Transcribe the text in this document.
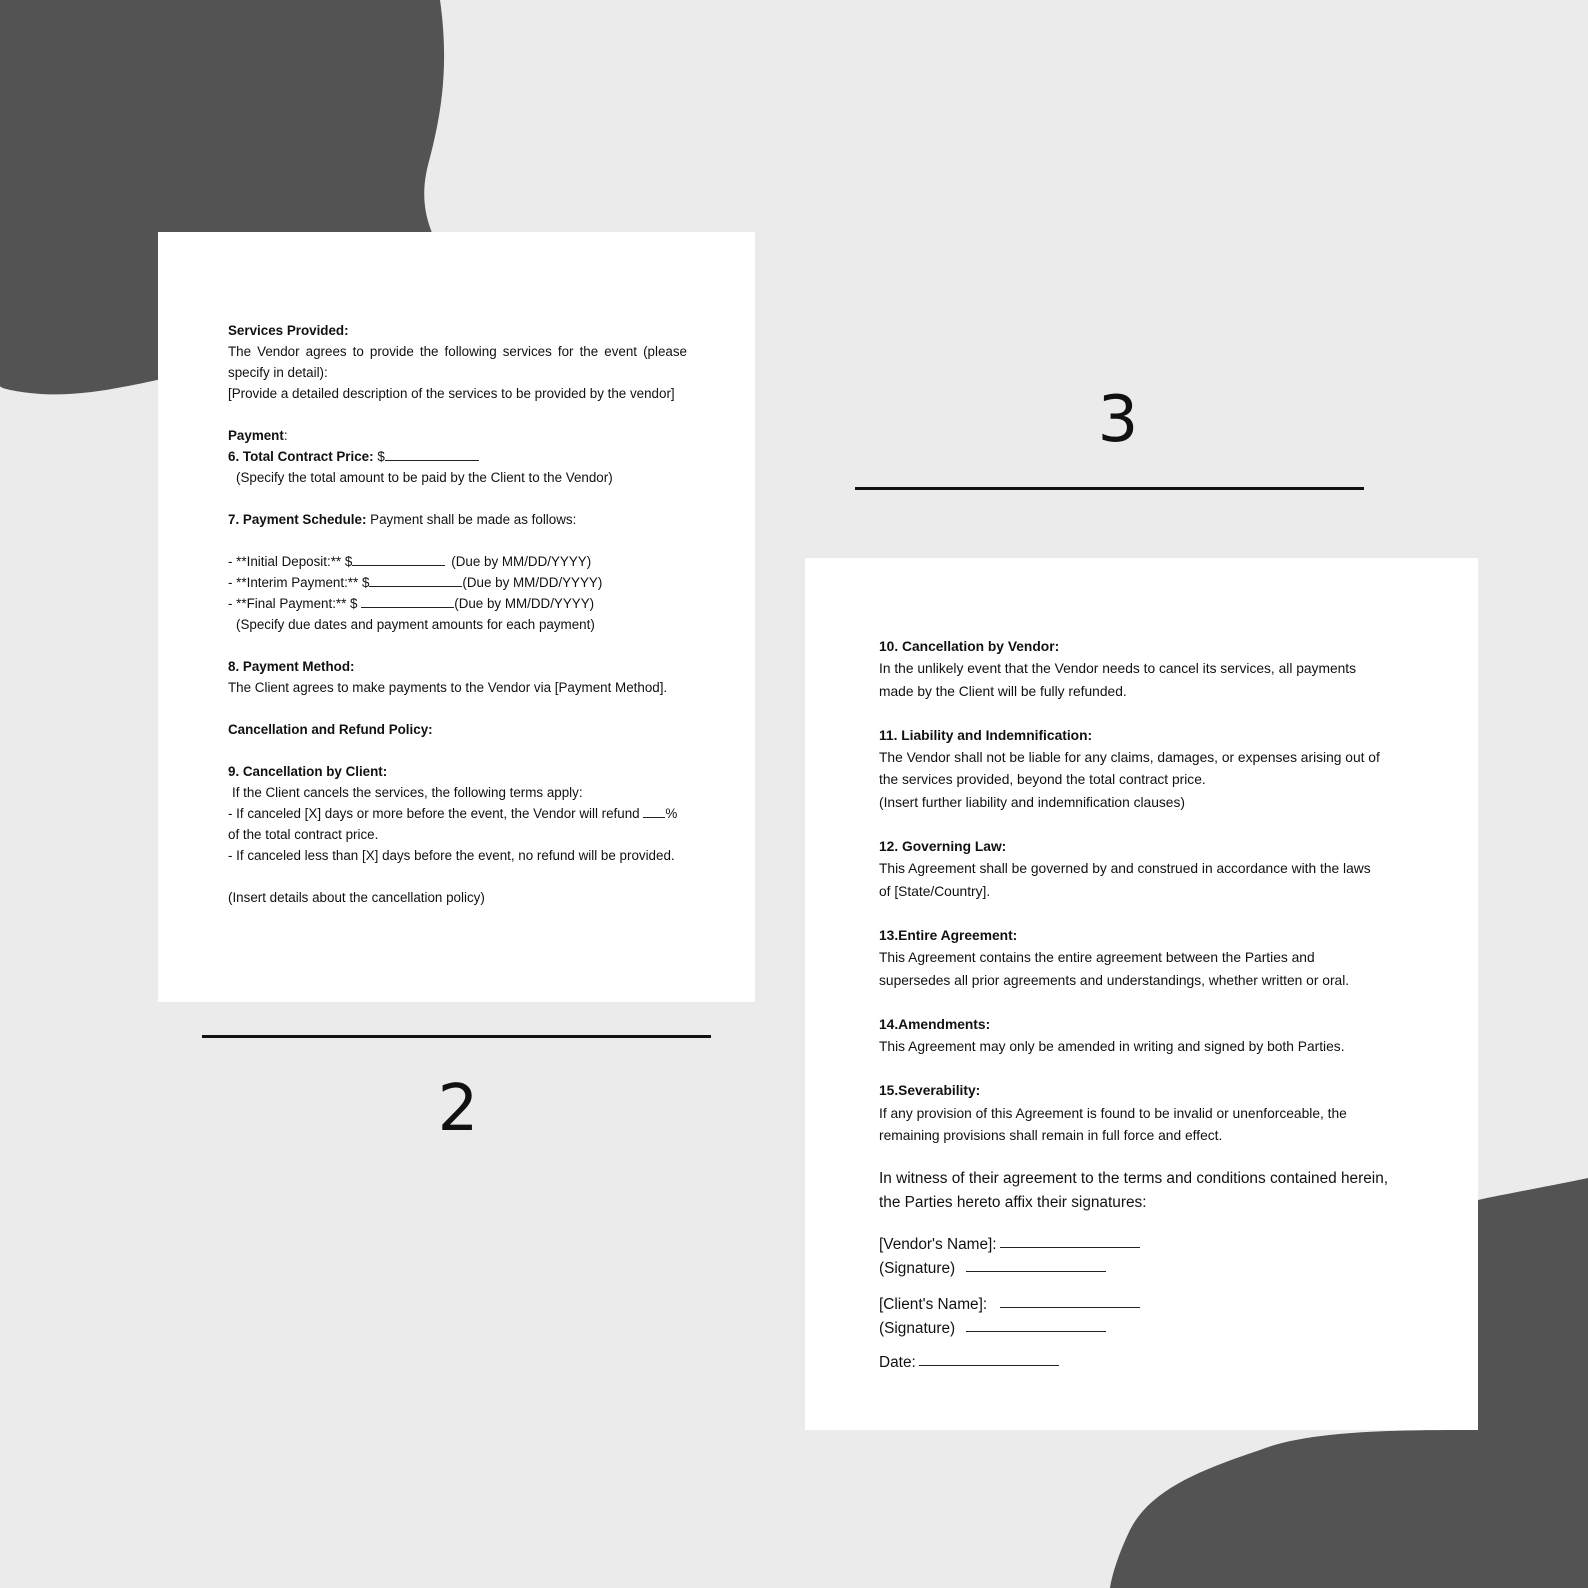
Services Provided:

The Vendor agrees to provide the following services for the event (please

specify in detail):

[Provide a detailed description of the services to be provided by the vendor]

Payment:

6. Total Contract Price: $

(Specify the total amount to be paid by the Client to the Vendor)

7. Payment Schedule: Payment shall be made as follows:

- **Initial Deposit:** $	(Due by MM/DD/YYYY)

- **Interim Payment:** $	(Due by MM/DD/YYYY)

- **Final Payment:** $	(Due by MM/DD/YYYY)

(Specify due dates and payment amounts for each payment)

8. Payment Method:

The Client agrees to make payments to the Vendor via [Payment Method].

Cancellation and Refund Policy:

9. Cancellation by Client:

If the Client cancels the services, the following terms apply:

- If canceled [X] days or more before the event, the Vendor will refund %

of the total contract price.

- If canceled less than [X] days before the event, no refund will be provided.

(Insert details about the cancellation policy)

2
3

10. Cancellation by Vendor:

In the unlikely event that the Vendor needs to cancel its services, all payments

made by the Client will be fully refunded.

11. Liability and Indemnification:

The Vendor shall not be liable for any claims, damages, or expenses arising out of

the services provided, beyond the total contract price.

(Insert further liability and indemnification clauses)

12. Governing Law:

This Agreement shall be governed by and construed in accordance with the laws

of [State/Country].

13.Entire Agreement:

This Agreement contains the entire agreement between the Parties and

supersedes all prior agreements and understandings, whether written or oral.

14.Amendments:

This Agreement may only be amended in writing and signed by both Parties.

15.Severability:

If any provision of this Agreement is found to be invalid or unenforceable, the

remaining provisions shall remain in full force and effect.

In witness of their agreement to the terms and conditions contained herein,

the Parties hereto affix their signatures:

[Vendor's Name]:
(Signature)
[Client's Name]:
(Signature)
Date:
